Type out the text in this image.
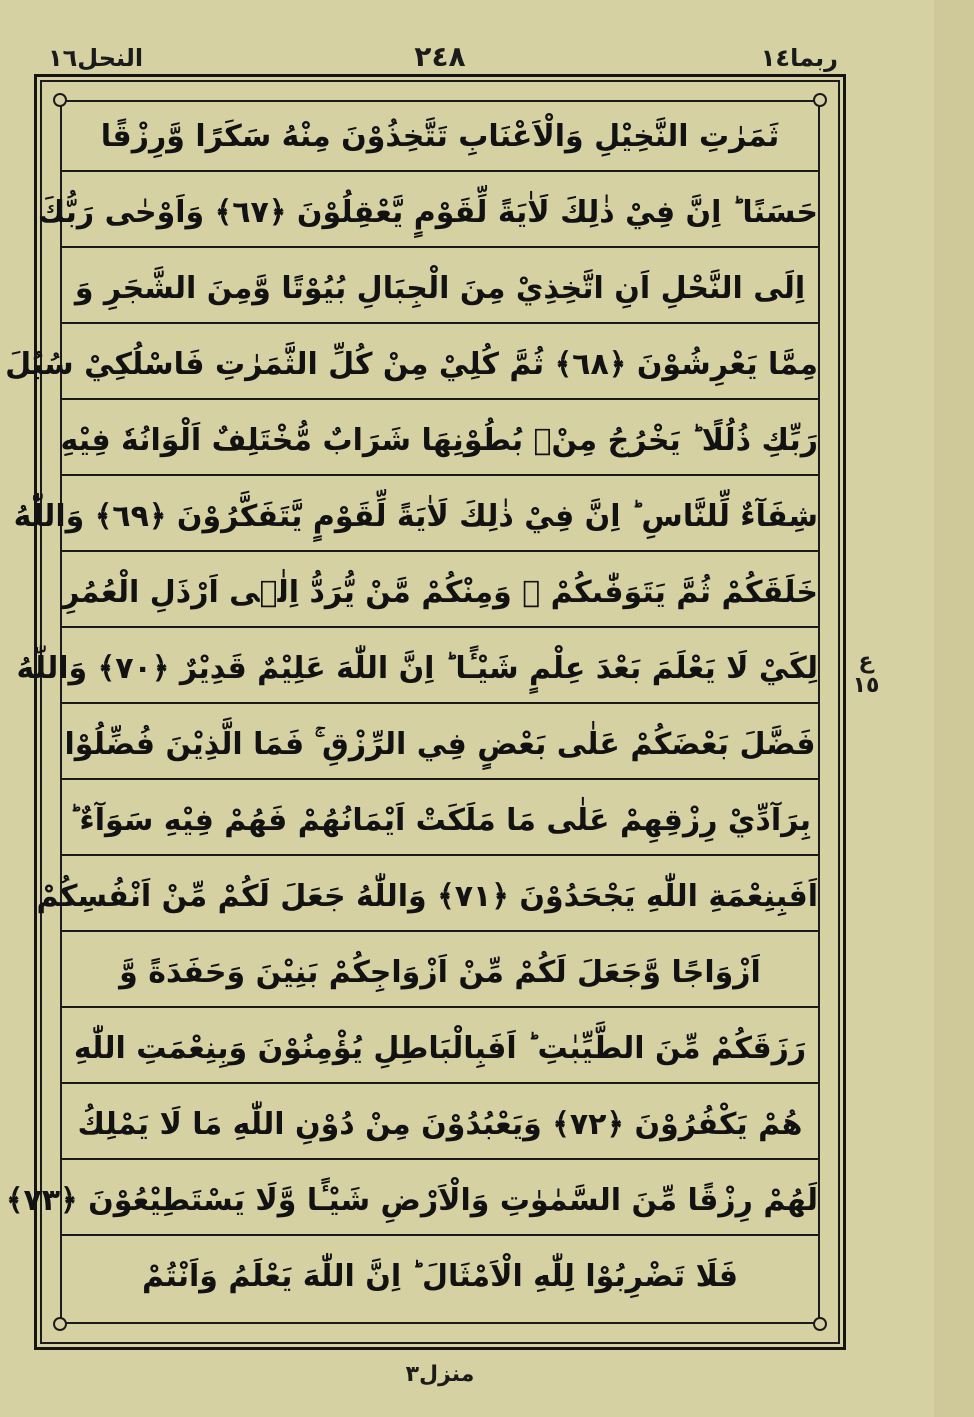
ربما١٤
٢٤٨
النحل١٦
ثَمَرٰتِ النَّخِيْلِ وَالْاَعْنَابِ تَتَّخِذُوْنَ مِنْهُ سَكَرًا وَّرِزْقًا
حَسَنًا ؕ اِنَّ فِيْ ذٰلِكَ لَاٰيَةً لِّقَوْمٍ يَّعْقِلُوْنَ ﴿٦٧﴾ وَاَوْحٰى رَبُّكَ
اِلَى النَّحْلِ اَنِ اتَّخِذِيْ مِنَ الْجِبَالِ بُيُوْتًا وَّمِنَ الشَّجَرِ وَ
مِمَّا يَعْرِشُوْنَ ﴿٦٨﴾ ثُمَّ كُلِيْ مِنْ كُلِّ الثَّمَرٰتِ فَاسْلُكِيْ سُبُلَ
رَبِّكِ ذُلُلًا ؕ يَخْرُجُ مِنْۢ بُطُوْنِهَا شَرَابٌ مُّخْتَلِفٌ اَلْوَانُهٗ فِيْهِ
شِفَآءٌ لِّلنَّاسِ ؕ اِنَّ فِيْ ذٰلِكَ لَاٰيَةً لِّقَوْمٍ يَّتَفَكَّرُوْنَ ﴿٦٩﴾ وَاللّٰهُ
خَلَقَكُمْ ثُمَّ يَتَوَفّٰىكُمْ ۙ وَمِنْكُمْ مَّنْ يُّرَدُّ اِلٰۤى اَرْذَلِ الْعُمُرِ
لِكَيْ لَا يَعْلَمَ بَعْدَ عِلْمٍ شَيْـًٔا ؕ اِنَّ اللّٰهَ عَلِيْمٌ قَدِيْرٌ ﴿٧٠﴾ وَاللّٰهُ
فَضَّلَ بَعْضَكُمْ عَلٰى بَعْضٍ فِي الرِّزْقِ ۚ فَمَا الَّذِيْنَ فُضِّلُوْا
بِرَآدِّيْ رِزْقِهِمْ عَلٰى مَا مَلَكَتْ اَيْمَانُهُمْ فَهُمْ فِيْهِ سَوَآءٌ ؕ
اَفَبِنِعْمَةِ اللّٰهِ يَجْحَدُوْنَ ﴿٧١﴾ وَاللّٰهُ جَعَلَ لَكُمْ مِّنْ اَنْفُسِكُمْ
اَزْوَاجًا وَّجَعَلَ لَكُمْ مِّنْ اَزْوَاجِكُمْ بَنِيْنَ وَحَفَدَةً وَّ
رَزَقَكُمْ مِّنَ الطَّيِّبٰتِ ؕ اَفَبِالْبَاطِلِ يُؤْمِنُوْنَ وَبِنِعْمَتِ اللّٰهِ
هُمْ يَكْفُرُوْنَ ﴿٧٢﴾ وَيَعْبُدُوْنَ مِنْ دُوْنِ اللّٰهِ مَا لَا يَمْلِكُ
لَهُمْ رِزْقًا مِّنَ السَّمٰوٰتِ وَالْاَرْضِ شَيْـًٔا وَّلَا يَسْتَطِيْعُوْنَ ﴿٧٣﴾
فَلَا تَضْرِبُوْا لِلّٰهِ الْاَمْثَالَ ؕ اِنَّ اللّٰهَ يَعْلَمُ وَاَنْتُمْ
ع ١٥
منزل٣
